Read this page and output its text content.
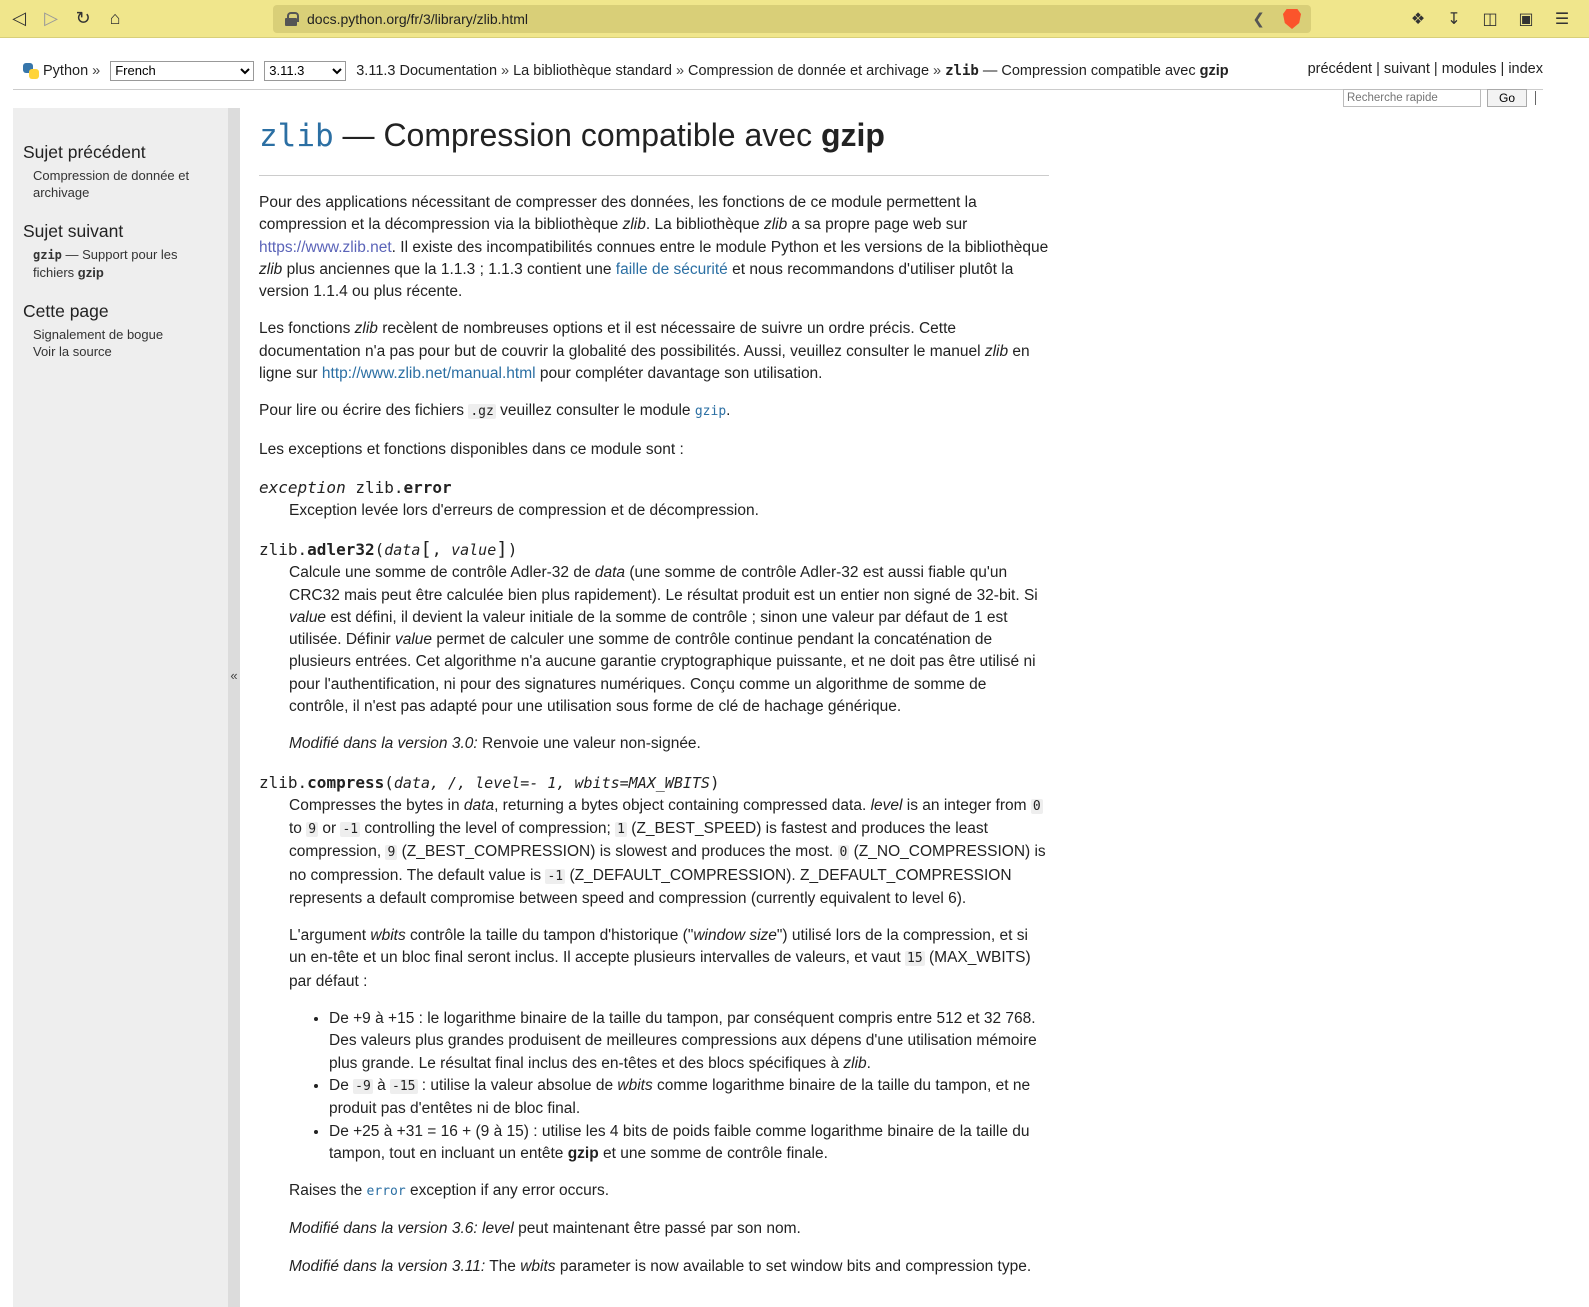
◁	▷ ↻	⌂	docs.python.org/fr/3/library/zlib.html	❮	❖	↧	◫	▣	☰
Python »
French
3.11.3	3.11.3 Documentation » La bibliothèque standard » Compression de donnée et archivage » zlib — Compression compatible avec gzip	précédent | suivant | modules | index
Recherche rapide
Go
Sujet précédent
Compression de donnée et archivage
Sujet suivant
gzip — Support pour les fichiers gzip
Cette page
Signalement de bogue
Voir la source
«
zlib — Compression compatible avec gzip

Pour des applications nécessitant de compresser des données, les fonctions de ce module permettent la compression et la décompression via la bibliothèque zlib. La bibliothèque zlib a sa propre page web sur https://www.zlib.net. Il existe des incompatibilités connues entre le module Python et les versions de la bibliothèque zlib plus anciennes que la 1.1.3 ; 1.1.3 contient une faille de sécurité et nous recommandons d'utiliser plutôt la version 1.1.4 ou plus récente.

Les fonctions zlib recèlent de nombreuses options et il est nécessaire de suivre un ordre précis. Cette documentation n'a pas pour but de couvrir la globalité des possibilités. Aussi, veuillez consulter le manuel zlib en ligne sur http://www.zlib.net/manual.html pour compléter davantage son utilisation.

Pour lire ou écrire des fichiers .gz veuillez consulter le module gzip.

Les exceptions et fonctions disponibles dans ce module sont :

exception zlib.error

Exception levée lors d'erreurs de compression et de décompression.

zlib.adler32(data[, value])

Calcule une somme de contrôle Adler-32 de data (une somme de contrôle Adler-32 est aussi fiable qu'un CRC32 mais peut être calculée bien plus rapidement). Le résultat produit est un entier non signé de 32-bit. Si value est défini, il devient la valeur initiale de la somme de contrôle ; sinon une valeur par défaut de 1 est utilisée. Définir value permet de calculer une somme de contrôle continue pendant la concaténation de plusieurs entrées. Cet algorithme n'a aucune garantie cryptographique puissante, et ne doit pas être utilisé ni pour l'authentification, ni pour des signatures numériques. Conçu comme un algorithme de somme de contrôle, il n'est pas adapté pour une utilisation sous forme de clé de hachage générique.

Modifié dans la version 3.0: Renvoie une valeur non-signée.

zlib.compress(data, /, level=- 1, wbits=MAX_WBITS)

Compresses the bytes in data, returning a bytes object containing compressed data. level is an integer from 0 to 9 or -1 controlling the level of compression; 1 (Z_BEST_SPEED) is fastest and produces the least compression, 9 (Z_BEST_COMPRESSION) is slowest and produces the most. 0 (Z_NO_COMPRESSION) is no compression. The default value is -1 (Z_DEFAULT_COMPRESSION). Z_DEFAULT_COMPRESSION represents a default compromise between speed and compression (currently equivalent to level 6).

L'argument wbits contrôle la taille du tampon d'historique ("window size") utilisé lors de la compression, et si un en-tête et un bloc final seront inclus. Il accepte plusieurs intervalles de valeurs, et vaut 15 (MAX_WBITS) par défaut :

• De +9 à +15 : le logarithme binaire de la taille du tampon, par conséquent compris entre 512 et 32 768. Des valeurs plus grandes produisent de meilleures compressions aux dépens d'une utilisation mémoire plus grande. Le résultat final inclus des en-têtes et des blocs spécifiques à zlib.
• De -9 à -15 : utilise la valeur absolue de wbits comme logarithme binaire de la taille du tampon, et ne produit pas d'entêtes ni de bloc final.
• De +25 à +31 = 16 + (9 à 15) : utilise les 4 bits de poids faible comme logarithme binaire de la taille du tampon, tout en incluant un entête gzip et une somme de contrôle finale.

Raises the error exception if any error occurs.

Modifié dans la version 3.6: level peut maintenant être passé par son nom.

Modifié dans la version 3.11: The wbits parameter is now available to set window bits and compression type.
